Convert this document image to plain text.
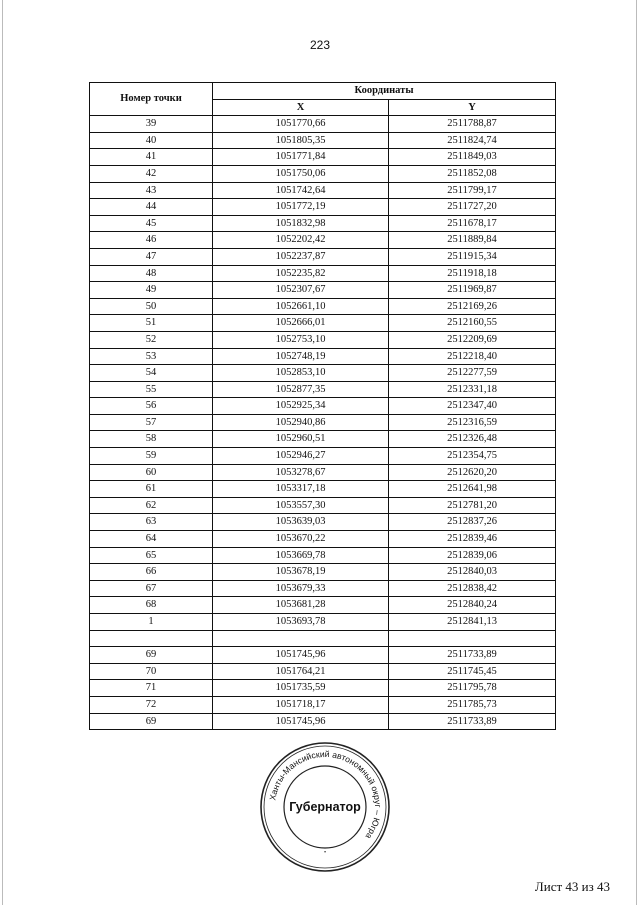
223
Номер точки	Координаты	
	X	Y
39	1051770,66	2511788,87
40	1051805,35	2511824,74
41	1051771,84	2511849,03
42	1051750,06	2511852,08
43	1051742,64	2511799,17
44	1051772,19	2511727,20
45	1051832,98	2511678,17
46	1052202,42	2511889,84
47	1052237,87	2511915,34
48	1052235,82	2511918,18
49	1052307,67	2511969,87
50	1052661,10	2512169,26
51	1052666,01	2512160,55
52	1052753,10	2512209,69
53	1052748,19	2512218,40
54	1052853,10	2512277,59
55	1052877,35	2512331,18
56	1052925,34	2512347,40
57	1052940,86	2512316,59
58	1052960,51	2512326,48
59	1052946,27	2512354,75
60	1053278,67	2512620,20
61	1053317,18	2512641,98
62	1053557,30	2512781,20
63	1053639,03	2512837,26
64	1053670,22	2512839,46
65	1053669,78	2512839,06
66	1053678,19	2512840,03
67	1053679,33	2512838,42
68	1053681,28	2512840,24
1	1053693,78	2512841,13

69	1051745,96	2511733,89
70	1051764,21	2511745,45
71	1051735,59	2511795,78
72	1051718,17	2511785,73
69	1051745,96	2511733,89
Ханты-Мансийский автономный округ – Югра
Губернатор
•
Лист 43 из 43
